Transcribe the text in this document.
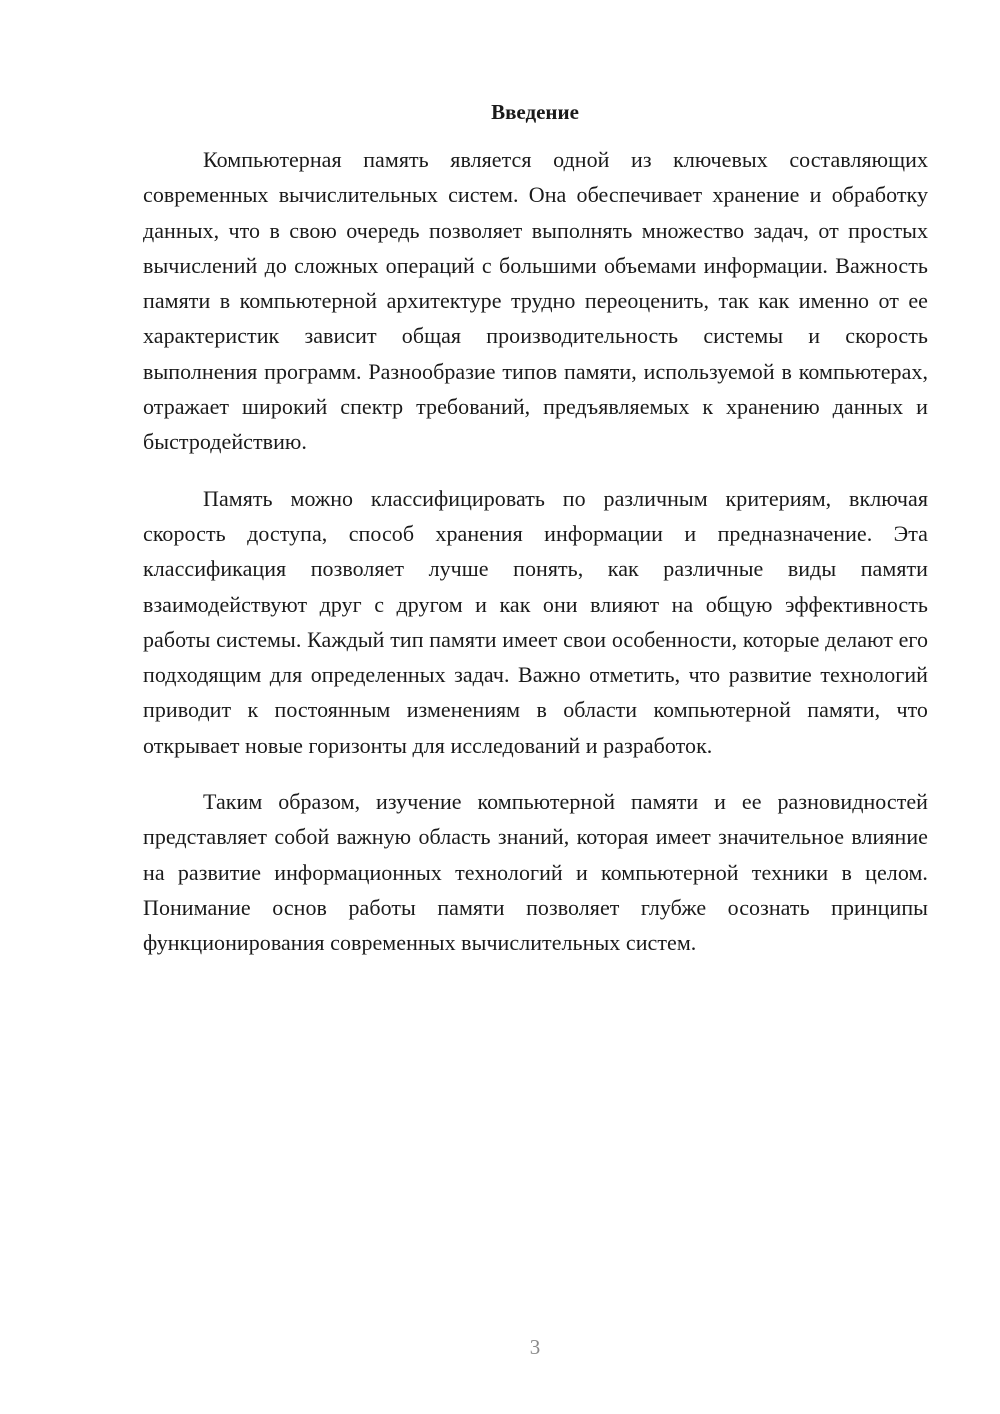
Введение

Компьютерная память является одной из ключевых составляющих современных вычислительных систем. Она обеспечивает хранение и обработку данных, что в свою очередь позволяет выполнять множество задач, от простых вычислений до сложных операций с большими объемами информации. Важность памяти в компьютерной архитектуре трудно переоценить, так как именно от ее характеристик зависит общая производительность системы и скорость выполнения программ. Разнообразие типов памяти, используемой в компьютерах, отражает широкий спектр требований, предъявляемых к хранению данных и быстродействию.

Память можно классифицировать по различным критериям, включая скорость доступа, способ хранения информации и предназначение. Эта классификация позволяет лучше понять, как различные виды памяти взаимодействуют друг с другом и как они влияют на общую эффективность работы системы. Каждый тип памяти имеет свои особенности, которые делают его подходящим для определенных задач. Важно отметить, что развитие технологий приводит к постоянным изменениям в области компьютерной памяти, что открывает новые горизонты для исследований и разработок.

Таким образом, изучение компьютерной памяти и ее разновидностей представляет собой важную область знаний, которая имеет значительное влияние на развитие информационных технологий и компьютерной техники в целом. Понимание основ работы памяти позволяет глубже осознать принципы функционирования современных вычислительных систем.

3
